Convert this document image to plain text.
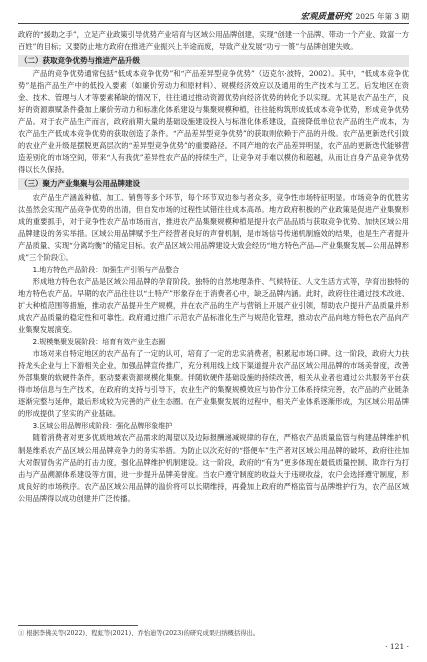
宏观质量研究 2025 年第 3 期

政府的“援助之手”，立足产业政策引导优势产业培育与区域公用品牌创建，实现“创建一个品牌、带动一个产业、致富一方百姓”的目标；又要防止地方政府在推进产业振兴上半途而废，导致产业发展“功亏一篑”与品牌创建失败。

（二）获取竞争优势与推进产品升级

产品的竞争优势通常包括“低成本竞争优势”和“产品差异型竞争优势”（迈克尔·波特，2002）。其中，“低成本竞争优势”是指产品生产中的低投入要素（如廉价劳动力和原材料）、规模经济效应以及通用的生产技术与工艺。后发地区在资金、技术、管理与人才等要素稀缺的情况下，往往通过推动资源优势向经济优势的转化予以实现。尤其是农产品生产，良好的资源禀赋条件叠加上廉价劳动力和标准化体系建设与集聚规模种植，往往能构筑形成低成本竞争优势，形成竞争优势产品。对于农产品生产而言，政府前期大量的基础设施建设投入与标准化体系建设，直接降低单位农产品的生产成本，为农产品生产低成本竞争优势的获取创造了条件。“产品差异型竞争优势”的获取则依赖于产品的升级。农产品更新迭代引致的农业产业升级是摆脱更高层次的“差异型竞争优势”的重要路径。不同产地的农产品差异明显，农产品的更新迭代能够营造差别化的市场空间，带来“人有我优”差异性农产品的持续生产，让竞争对手难以模仿和超越，从而让自身产品竞争优势得以长久保持。

（三）聚力产业集聚与公用品牌建设

农产品生产涵盖种植、加工、销售等多个环节，每个环节双边参与者众多，竞争性市场特征明显。市场竞争的优胜劣汰虽然会实现产品竞争优势的出清，但自发市场的过程性试错往往成本高昂。地方政府积极的产业政策是促进产业集聚形成的重要抓手，对于竞争性农产品市场而言，推进农产品集聚规模种植是提升农产品品质与获取竞争优势、加快区域公用品牌建设的务实举措。区域公用品牌赋予生产经营者良好的声誉机制，是市场信号传递机制施效的结果，也是生产者提升产品质量、实现“分离均衡”的锚定目标。农产品区域公用品牌建设大致会经历“地方特色产品—产业集聚发展—公用品牌形成”三个阶段①。

1.地方特色产品阶段：加强生产引领与产品整合

形成地方特色农产品是区域公用品牌的孕育阶段。独特的自然地理条件、气候特征、人文生活方式等，孕育出独特的地方特色农产品。早期的农产品往往以“土特产”形象存在于消费者心中，缺乏品牌内涵。此时，政府往往通过技术改进、扩大种植范围等措施，推动农产品提升生产规模，并在农产品的生产与营销上开展产业引领，帮助农户提升产品质量并形成农产品质量的稳定性和可靠性。政府通过推广示范农产品标准化生产与规范化管理，推动农产品向地方特色农产品向产业集聚发展演变。

2.规模集聚发展阶段：培育有效产业生态圈

市场对来自特定地区的农产品有了一定的认可，培育了一定的忠实消费者，积累起市场口碑。这一阶段，政府大力扶持龙头企业与上下游相关企业，加强品牌宣传推广，充分利用线上线下渠道提升农产品区域公用品牌的市场美誉度，改善外部集聚的软硬件条件，驱动要素资源规模化集聚。伴随软硬件基础设施的持续改善，相关从业者也通过公共服务平台获得市场信息与生产技术，在政府的支持与引导下，农业生产的集聚规模效应与协作分工体系持续完善，农产品的产业链条逐渐完整与延伸，最后形成较为完善的产业生态圈。在产业集聚发展的过程中，相关产业体系逐渐形成，为区域公用品牌的形成提供了坚实的产业基础。

3.区域公用品牌形成阶段：强化品牌形象维护

随着消费者对更多优质地域农产品需求的渴望以及边际报酬递减规律的存在，严格农产品质量监管与构建品牌维护机制是维系农产品区域公用品牌竞争力的务实举措。为防止以次充好的“搭便车”生产者对区域公用品牌的破坏，政府往往加大对假冒伪劣产品的打击力度，强化品牌维护机制建设。这一阶段，政府的“有为”更多体现在最低质量控制、欺诈行为打击与产品溯源体系建设等方面，进一步提升品牌美誉度。当农户遵守制度的收益大于违规收益，农户会选择遵守制度，形成良好的市场秩序。农产品区域公用品牌的溢价将可以长期维持，再叠加上政府的严格监管与品牌维护行为，农产品区域公用品牌得以成功创建并广泛传播。

① 根据李佛关等(2022)、程虹等(2021)、乔怡迪等(2023)的研究成果归纳概括得出。
· 121 ·
